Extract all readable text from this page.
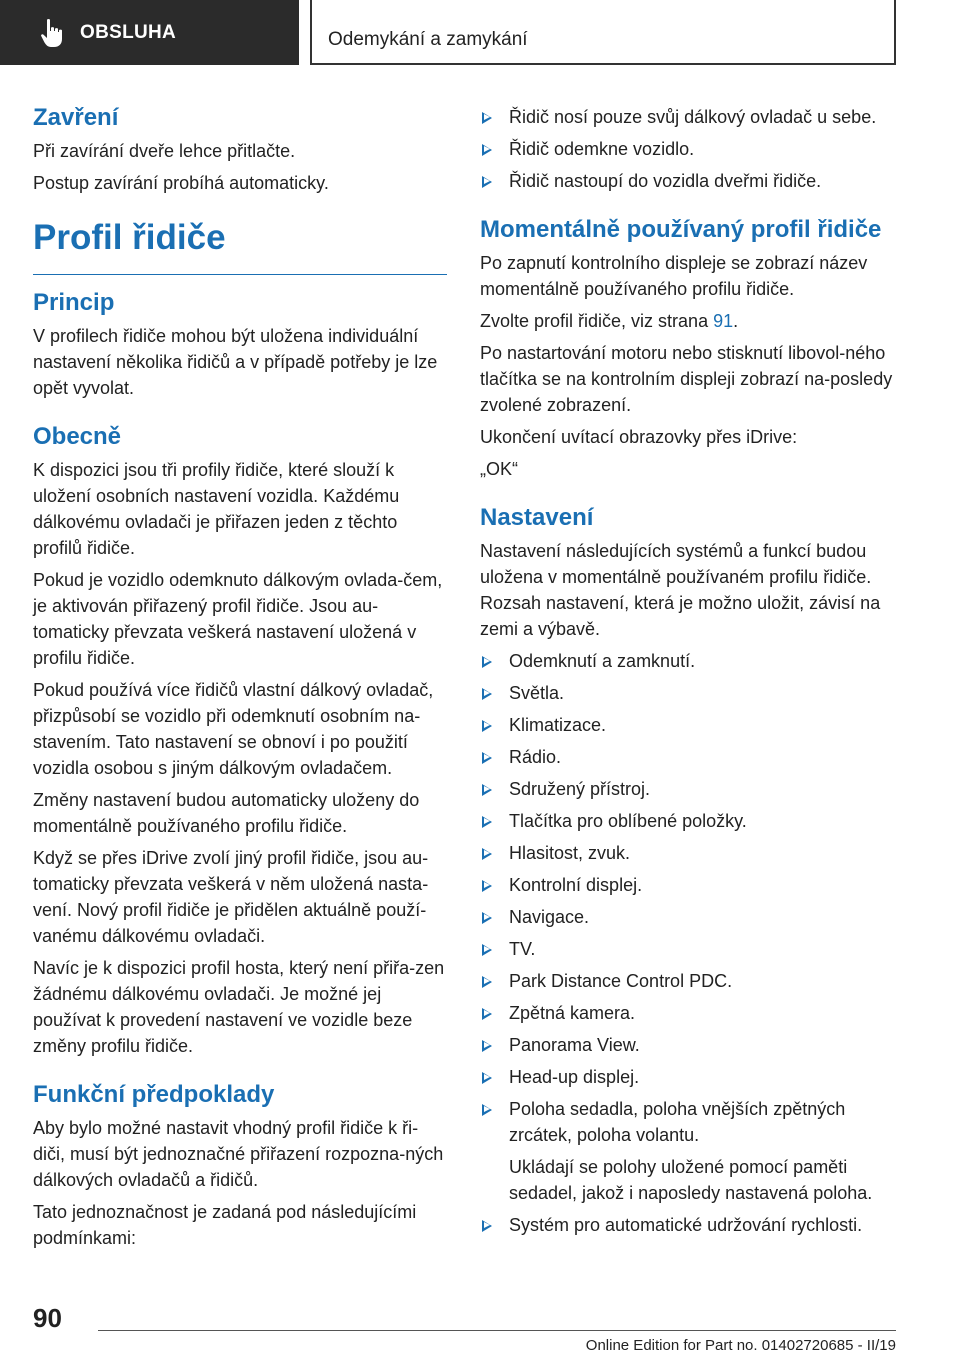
OBSLUHA	Odemykání a zamykání
Zavření

Při zavírání dveře lehce přitlačte.

Postup zavírání probíhá automaticky.

Profil řidiče
Princip

V profilech řidiče mohou být uložena individuální nastavení několika řidičů a v případě potřeby je lze opět vyvolat.

Obecně

K dispozici jsou tři profily řidiče, které slouží k uložení osobních nastavení vozidla. Každému dálkovému ovladači je přiřazen jeden z těchto profilů řidiče.

Pokud je vozidlo odemknuto dálkovým ovlada-čem, je aktivován přiřazený profil řidiče. Jsou au-tomaticky převzata veškerá nastavení uložená v profilu řidiče.

Pokud používá více řidičů vlastní dálkový ovladač, přizpůsobí se vozidlo při odemknutí osobním na-stavením. Tato nastavení se obnoví i po použití vozidla osobou s jiným dálkovým ovladačem.

Změny nastavení budou automaticky uloženy do momentálně používaného profilu řidiče.

Když se přes iDrive zvolí jiný profil řidiče, jsou au-tomaticky převzata veškerá v něm uložená nasta-vení. Nový profil řidiče je přidělen aktuálně použí-vanému dálkovému ovladači.

Navíc je k dispozici profil hosta, který není přiřa-zen žádnému dálkovému ovladači. Je možné jej používat k provedení nastavení ve vozidle beze změny profilu řidiče.

Funkční předpoklady

Aby bylo možné nastavit vhodný profil řidiče k ři-diči, musí být jednoznačné přiřazení rozpozna-ných dálkových ovladačů a řidičů.

Tato jednoznačnost je zadaná pod následujícími podmínkami:

Řidič nosí pouze svůj dálkový ovladač u sebe.
Řidič odemkne vozidlo.
Řidič nastoupí do vozidla dveřmi řidiče.
Momentálně používaný profil řidiče

Po zapnutí kontrolního displeje se zobrazí název momentálně používaného profilu řidiče.

Zvolte profil řidiče, viz strana 91.

Po nastartování motoru nebo stisknutí libovol-ného tlačítka se na kontrolním displeji zobrazí na-posledy zvolené zobrazení.

Ukončení uvítací obrazovky přes iDrive:

„OK“

Nastavení

Nastavení následujících systémů a funkcí budou uložena v momentálně používaném profilu řidiče. Rozsah nastavení, která je možno uložit, závisí na zemi a výbavě.

Odemknutí a zamknutí.
Světla.
Klimatizace.
Rádio.
Sdružený přístroj.
Tlačítka pro oblíbené položky.
Hlasitost, zvuk.
Kontrolní displej.
Navigace.
TV.
Park Distance Control PDC.
Zpětná kamera.
Panorama View.
Head-up displej.
Poloha sedadla, poloha vnějších zpětných zrcátek, poloha volantu.
Ukládají se polohy uložené pomocí paměti sedadel, jakož i naposledy nastavená poloha.
Systém pro automatické udržování rychlosti.
90
Online Edition for Part no. 01402720685 - II/19
